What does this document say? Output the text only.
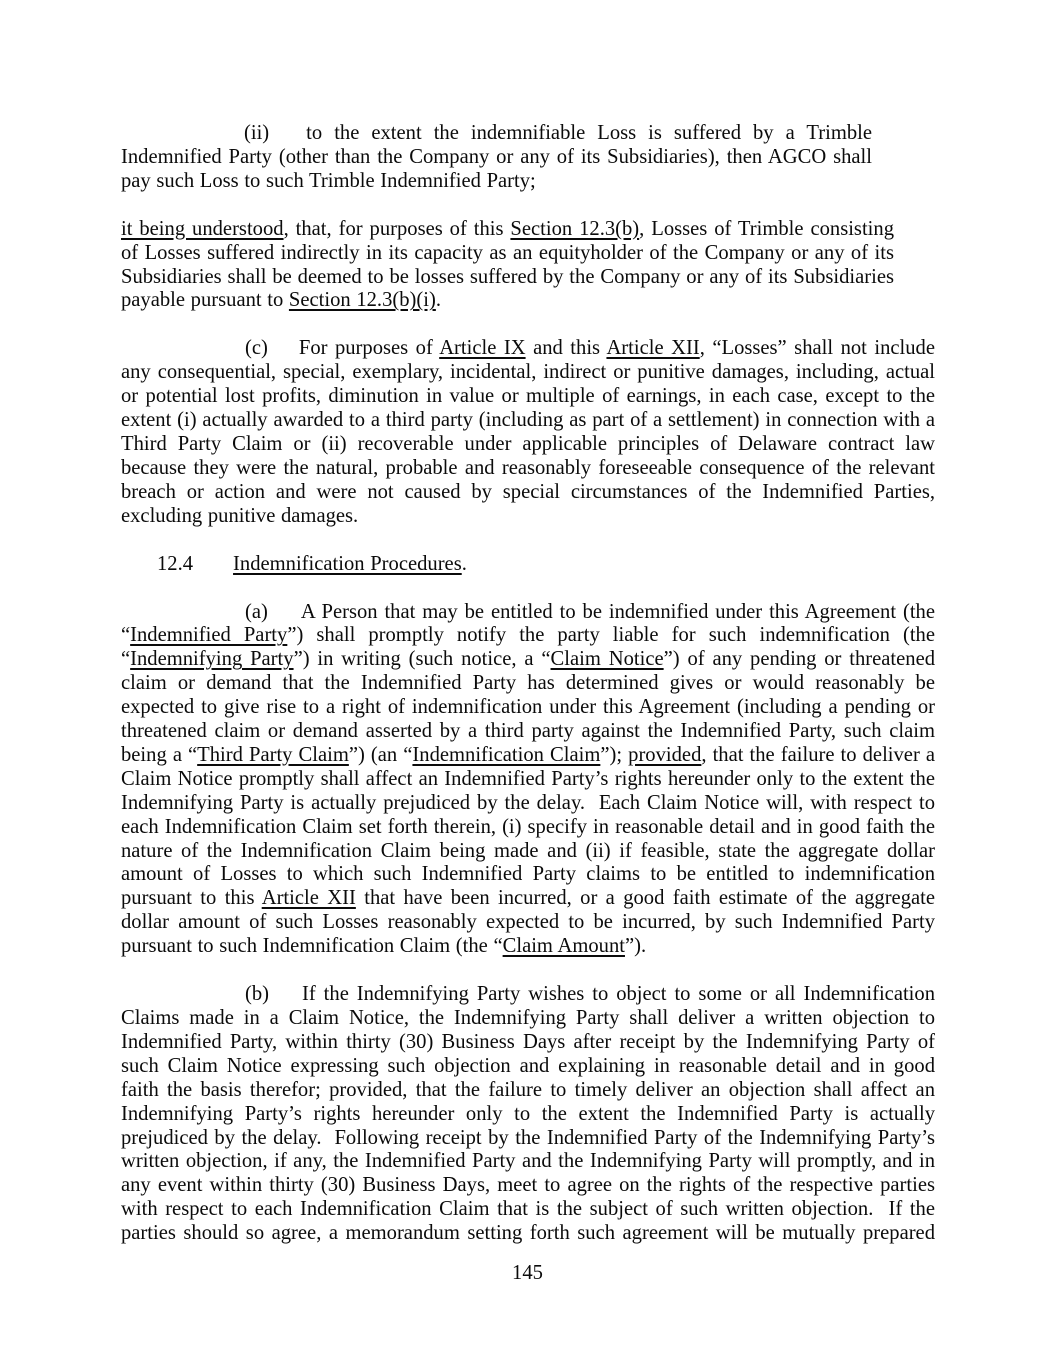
(ii) to the extent the indemnifiable Loss is suffered by a Trimble Indemnified Party (other than the Company or any of its Subsidiaries), then AGCO shall pay such Loss to such Trimble Indemnified Party;

it being understood, that, for purposes of this Section 12.3(b), Losses of Trimble consisting of Losses suffered indirectly in its capacity as an equityholder of the Company or any of its Subsidiaries shall be deemed to be losses suffered by the Company or any of its Subsidiaries payable pursuant to Section 12.3(b)(i).

(c) For purposes of Article IX and this Article XII, “Losses” shall not include any consequential, special, exemplary, incidental, indirect or punitive damages, including, actual or potential lost profits, diminution in value or multiple of earnings, in each case, except to the extent (i) actually awarded to a third party (including as part of a settlement) in connection with a Third Party Claim or (ii) recoverable under applicable principles of Delaware contract law because they were the natural, probable and reasonably foreseeable consequence of the relevant breach or action and were not caused by special circumstances of the Indemnified Parties, excluding punitive damages.

12.4 Indemnification Procedures.

(a) A Person that may be entitled to be indemnified under this Agreement (the “Indemnified Party”) shall promptly notify the party liable for such indemnification (the “Indemnifying Party”) in writing (such notice, a “Claim Notice”) of any pending or threatened claim or demand that the Indemnified Party has determined gives or would reasonably be expected to give rise to a right of indemnification under this Agreement (including a pending or threatened claim or demand asserted by a third party against the Indemnified Party, such claim being a “Third Party Claim”) (an “Indemnification Claim”); provided, that the failure to deliver a Claim Notice promptly shall affect an Indemnified Party’s rights hereunder only to the extent the Indemnifying Party is actually prejudiced by the delay.  Each Claim Notice will, with respect to each Indemnification Claim set forth therein, (i) specify in reasonable detail and in good faith the nature of the Indemnification Claim being made and (ii) if feasible, state the aggregate dollar amount of Losses to which such Indemnified Party claims to be entitled to indemnification pursuant to this Article XII that have been incurred, or a good faith estimate of the aggregate dollar amount of such Losses reasonably expected to be incurred, by such Indemnified Party pursuant to such Indemnification Claim (the “Claim Amount”).

(b) If the Indemnifying Party wishes to object to some or all Indemnification Claims made in a Claim Notice, the Indemnifying Party shall deliver a written objection to Indemnified Party, within thirty (30) Business Days after receipt by the Indemnifying Party of such Claim Notice expressing such objection and explaining in reasonable detail and in good faith the basis therefor; provided, that the failure to timely deliver an objection shall affect an Indemnifying Party’s rights hereunder only to the extent the Indemnified Party is actually prejudiced by the delay.  Following receipt by the Indemnified Party of the Indemnifying Party’s written objection, if any, the Indemnified Party and the Indemnifying Party will promptly, and in any event within thirty (30) Business Days, meet to agree on the rights of the respective parties with respect to each Indemnification Claim that is the subject of such written objection.  If the parties should so agree, a memorandum setting forth such agreement will be mutually prepared

145
